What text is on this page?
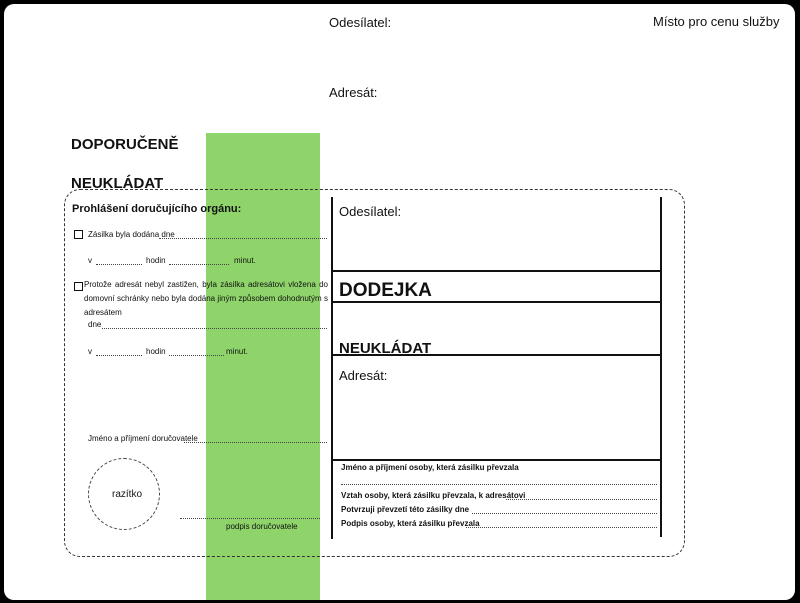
Odesílatel:	Místo pro cenu služby
Adresát:
DOPORUČENĚ
NEUKLÁDAT
Prohlášení doručujícího orgánu:
Zásilka byla dodána dne
v	hodin	minut.
Protože adresát nebyl zastižen, byla zásilka adresátovi vložena do domovní schránky nebo byla dodána jiným způsobem dohodnutým s adresátem
dne
v	hodin	minut.
Jméno a příjmení doručovatele
razítko
podpis doručovatele
Odesílatel:
DODEJKA
NEUKLÁDAT
Adresát:
Jméno a příjmení osoby, která zásilku převzala
Vztah osoby, která zásilku převzala, k adresátovi
Potvrzuji převzetí této zásilky dne
Podpis osoby, která zásilku převzala
